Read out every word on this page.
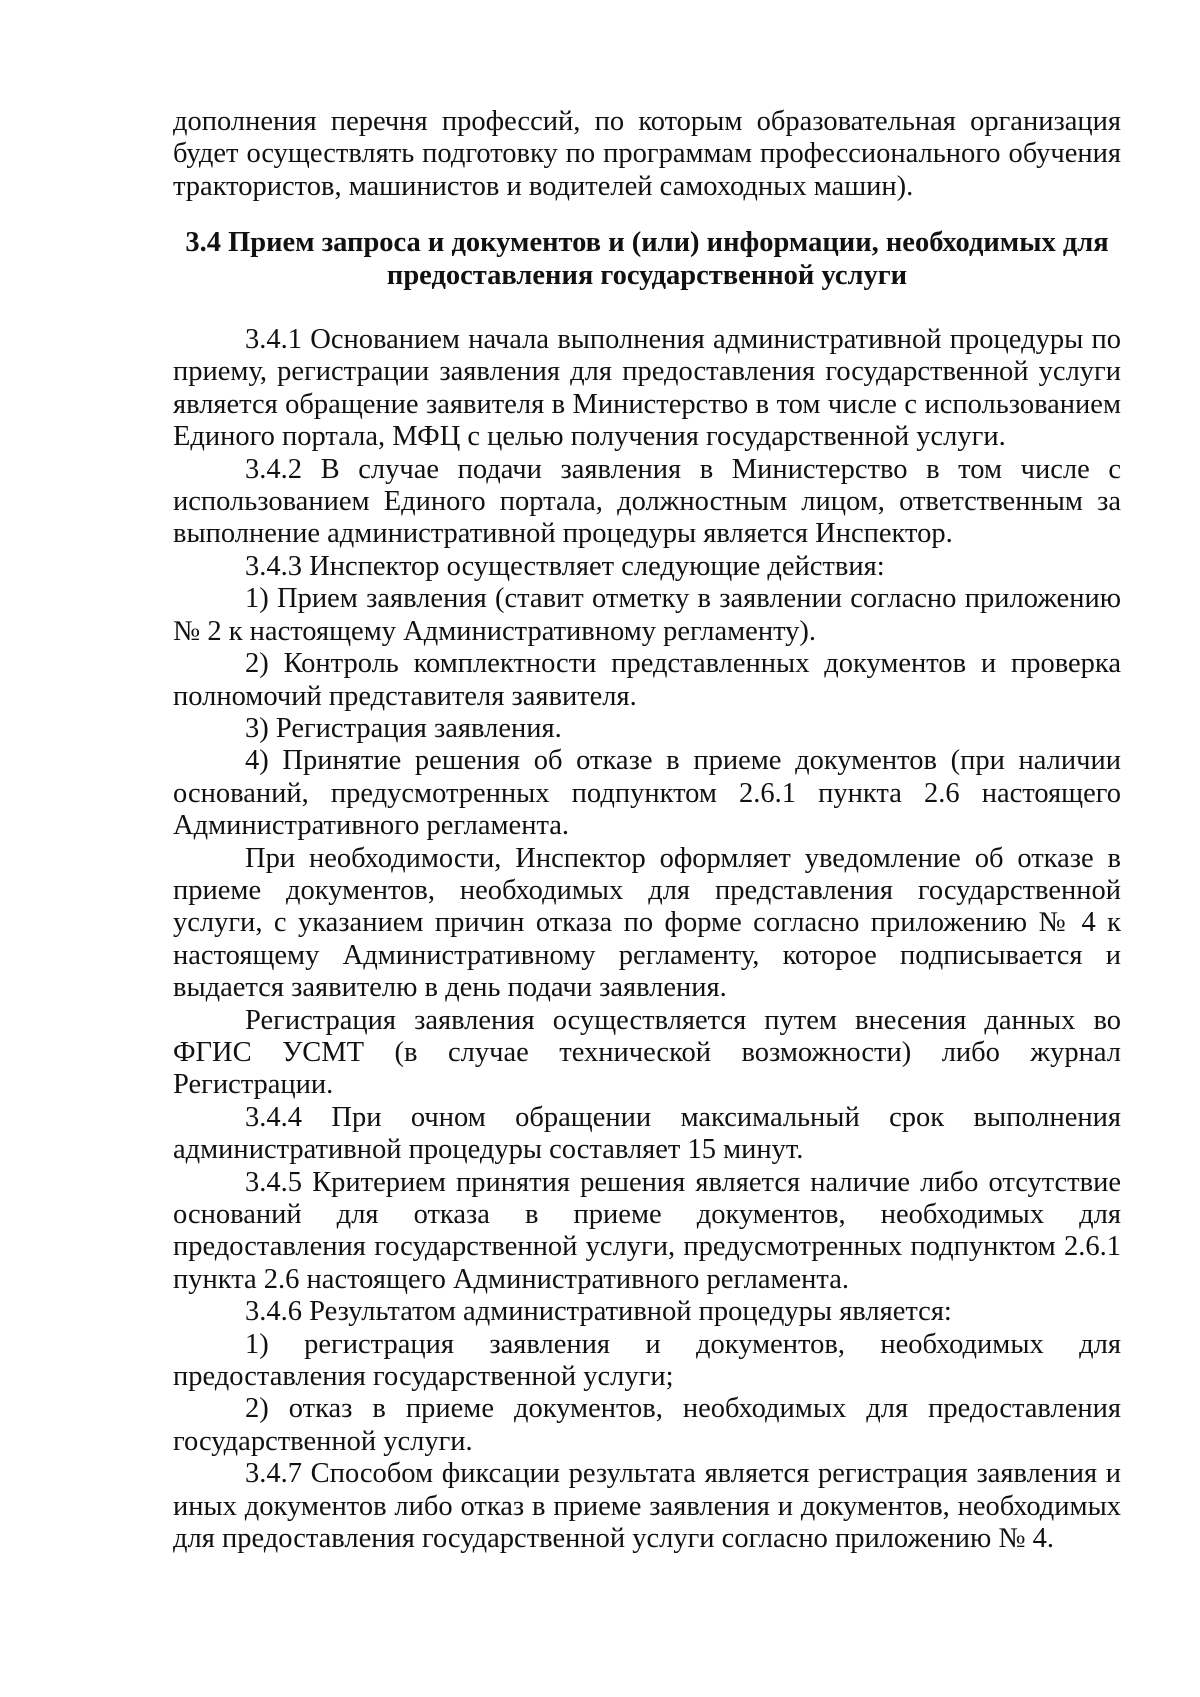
дополнения перечня профессий, по которым образовательная организация будет осуществлять подготовку по программам профессионального обучения трактористов, машинистов и водителей самоходных машин).

3.4 Прием запроса и документов и (или) информации, необходимых для предоставления государственной услуги

3.4.1 Основанием начала выполнения административной процедуры по приему, регистрации заявления для предоставления государственной услуги является обращение заявителя в Министерство в том числе с использованием Единого портала, МФЦ с целью получения государственной услуги.

3.4.2 В случае подачи заявления в Министерство в том числе с использованием Единого портала, должностным лицом, ответственным за выполнение административной процедуры является Инспектор.

3.4.3 Инспектор осуществляет следующие действия:

1) Прием заявления (ставит отметку в заявлении согласно приложению № 2 к настоящему Административному регламенту).

2) Контроль комплектности представленных документов и проверка полномочий представителя заявителя.

3) Регистрация заявления.

4) Принятие решения об отказе в приеме документов (при наличии оснований, предусмотренных подпунктом 2.6.1 пункта 2.6 настоящего Административного регламента.

При необходимости, Инспектор оформляет уведомление об отказе в приеме документов, необходимых для представления государственной услуги, с указанием причин отказа по форме согласно приложению № 4 к настоящему Административному регламенту, которое подписывается и выдается заявителю в день подачи заявления.

Регистрация заявления осуществляется путем внесения данных во ФГИС УСМТ (в случае технической возможности) либо журнал Регистрации.

3.4.4 При очном обращении максимальный срок выполнения административной процедуры составляет 15 минут.

3.4.5 Критерием принятия решения является наличие либо отсутствие оснований для отказа в приеме документов, необходимых для предоставления государственной услуги, предусмотренных подпунктом 2.6.1 пункта 2.6 настоящего Административного регламента.

3.4.6 Результатом административной процедуры является:

1) регистрация заявления и документов, необходимых для предоставления государственной услуги;

2) отказ в приеме документов, необходимых для предоставления государственной услуги.

3.4.7 Способом фиксации результата является регистрация заявления и иных документов либо отказ в приеме заявления и документов, необходимых для предоставления государственной услуги согласно приложению № 4.
